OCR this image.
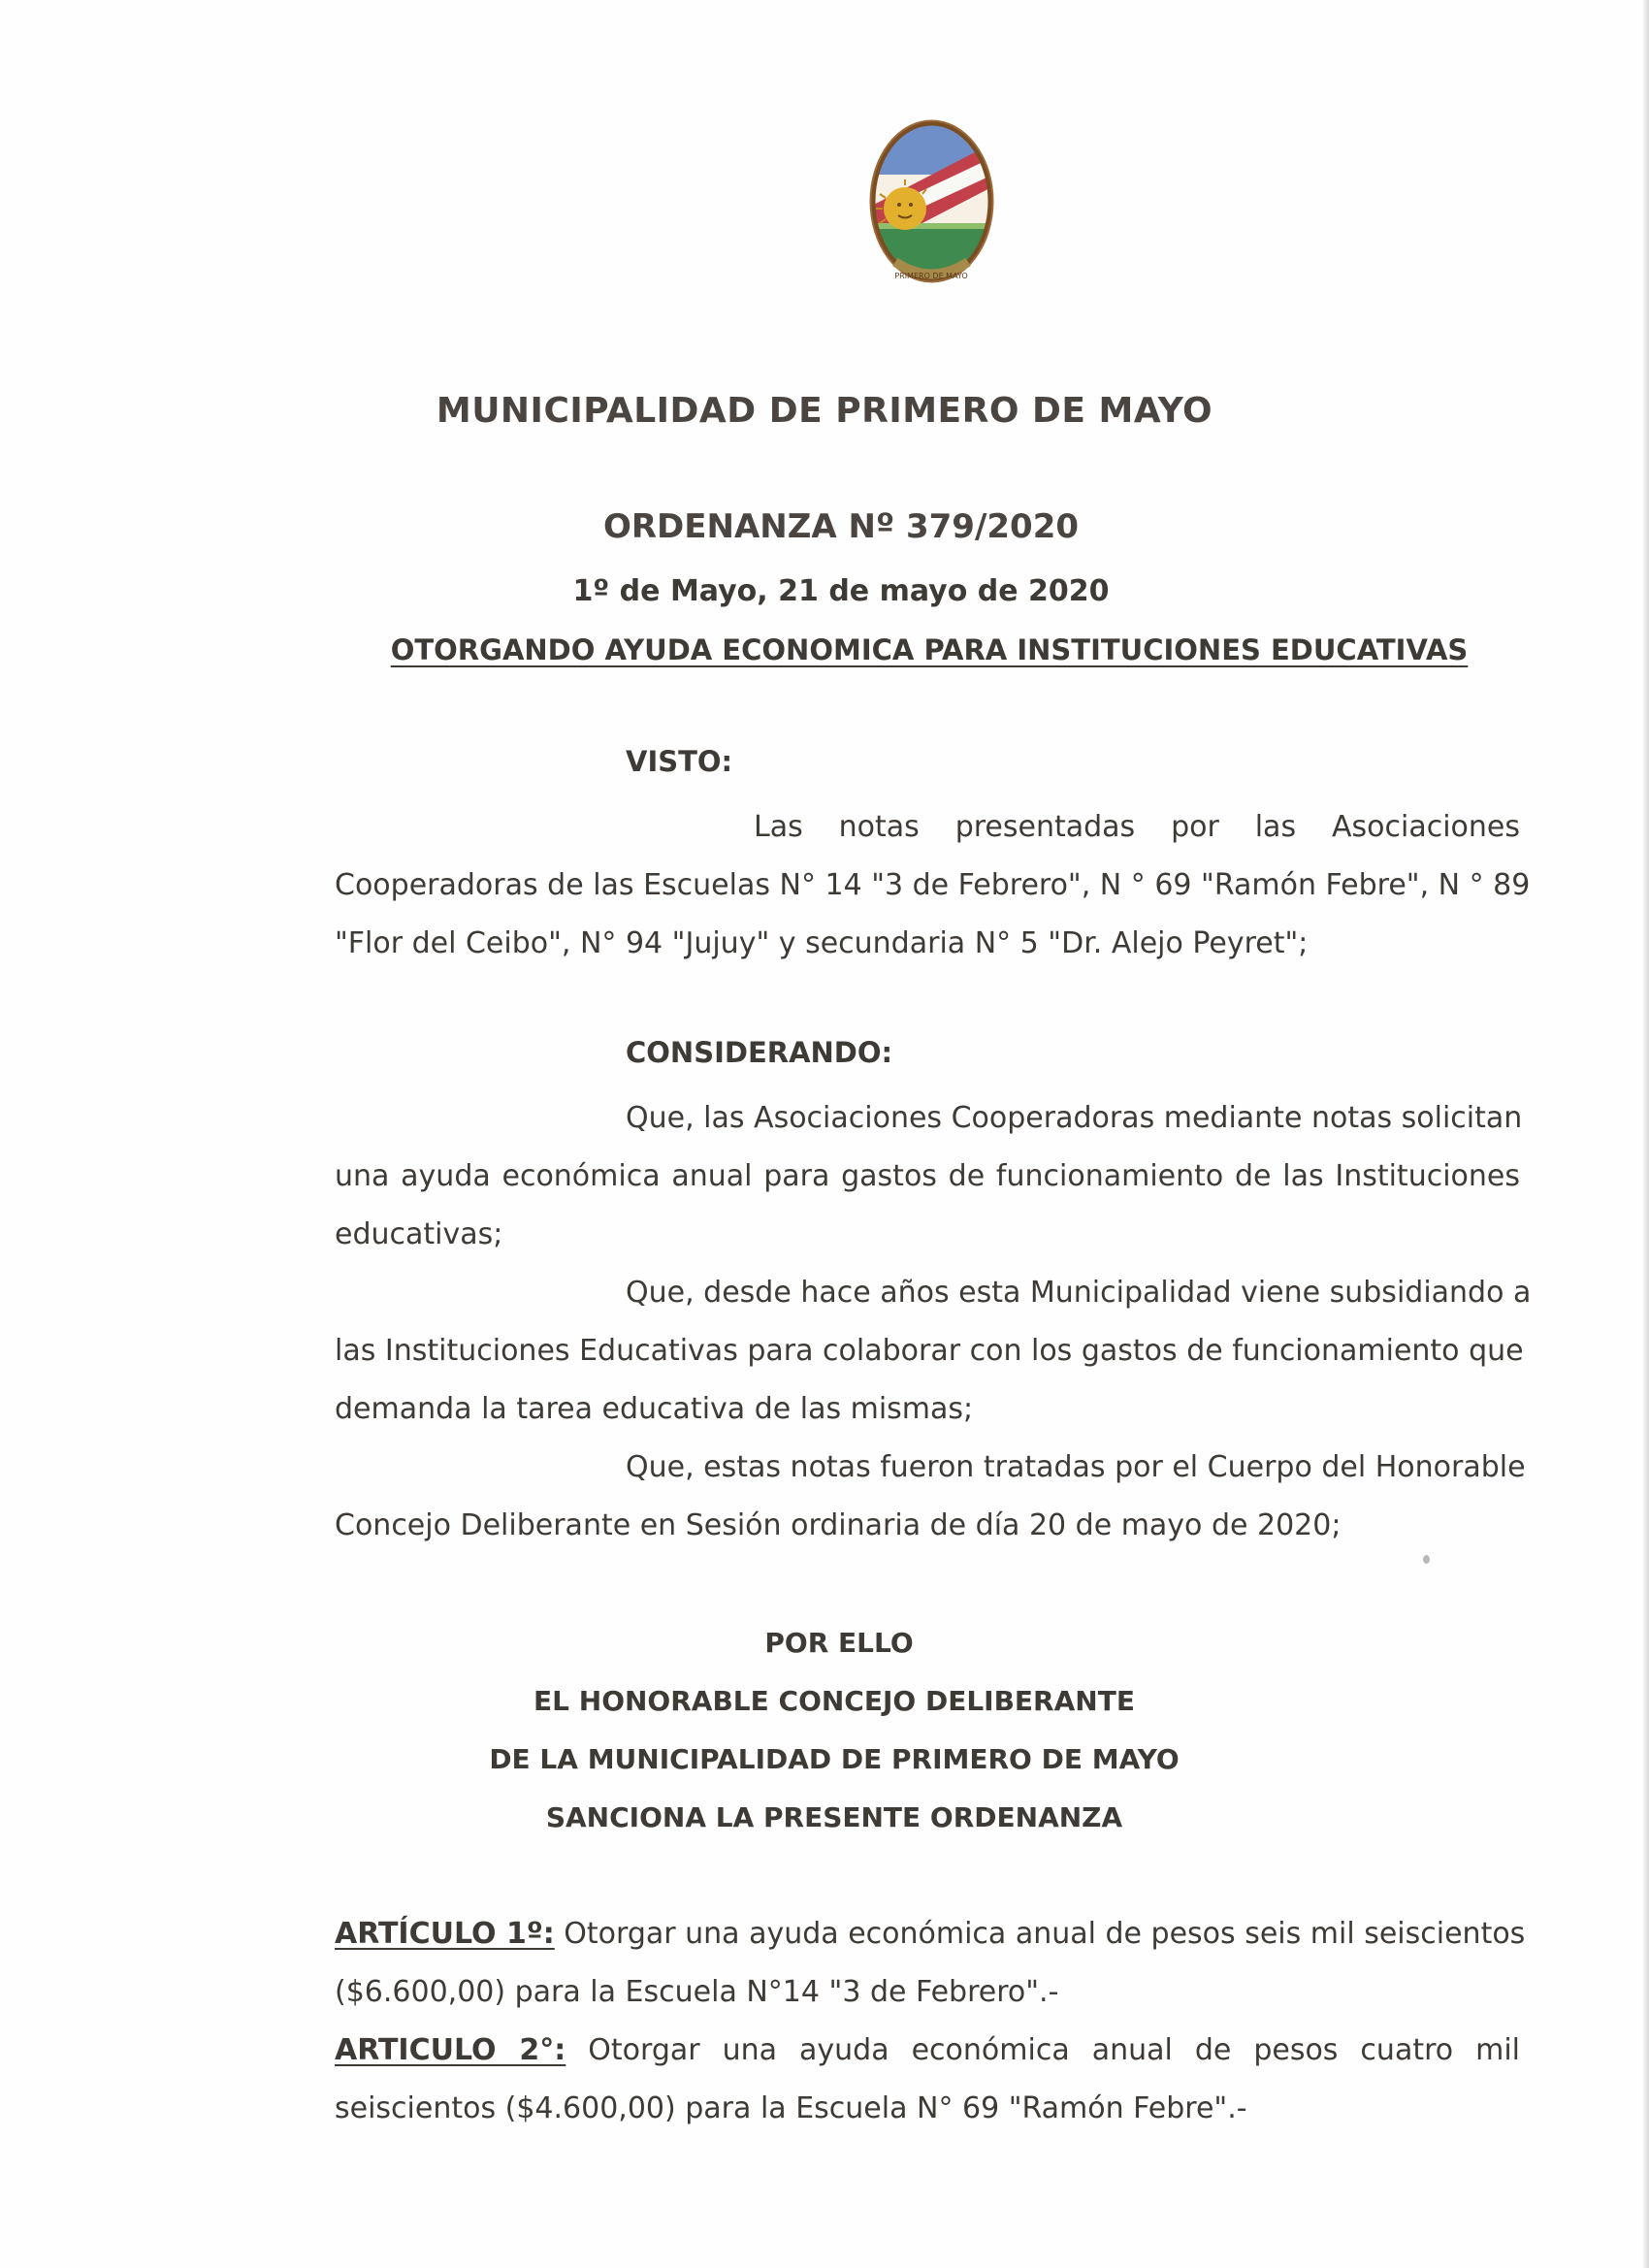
PRIMERO DE MAYO
MUNICIPALIDAD DE PRIMERO DE MAYO
ORDENANZA Nº 379/2020
1º de Mayo, 21 de mayo de 2020
OTORGANDO AYUDA ECONOMICA PARA INSTITUCIONES EDUCATIVAS
VISTO:
Las notas presentadas por las Asociaciones
Cooperadoras de las Escuelas N° 14 "3 de Febrero", N ° 69 "Ramón Febre", N ° 89
"Flor del Ceibo", N° 94 "Jujuy" y secundaria N° 5 "Dr. Alejo Peyret";
CONSIDERANDO:
Que, las Asociaciones Cooperadoras mediante notas solicitan
una ayuda económica anual para gastos de funcionamiento de las Instituciones
educativas;
Que, desde hace años esta Municipalidad viene subsidiando a
las Instituciones Educativas para colaborar con los gastos de funcionamiento que
demanda la tarea educativa de las mismas;
Que, estas notas fueron tratadas por el Cuerpo del Honorable
Concejo Deliberante en Sesión ordinaria de día 20 de mayo de 2020;
POR ELLO
EL HONORABLE CONCEJO DELIBERANTE
DE LA MUNICIPALIDAD DE PRIMERO DE MAYO
SANCIONA LA PRESENTE ORDENANZA
ARTÍCULO 1º: Otorgar una ayuda económica anual de pesos seis mil seiscientos
($6.600,00) para la Escuela N°14 "3 de Febrero".-
ARTICULO 2°: Otorgar una ayuda económica anual de pesos cuatro mil
seiscientos ($4.600,00) para la Escuela N° 69 "Ramón Febre".-
